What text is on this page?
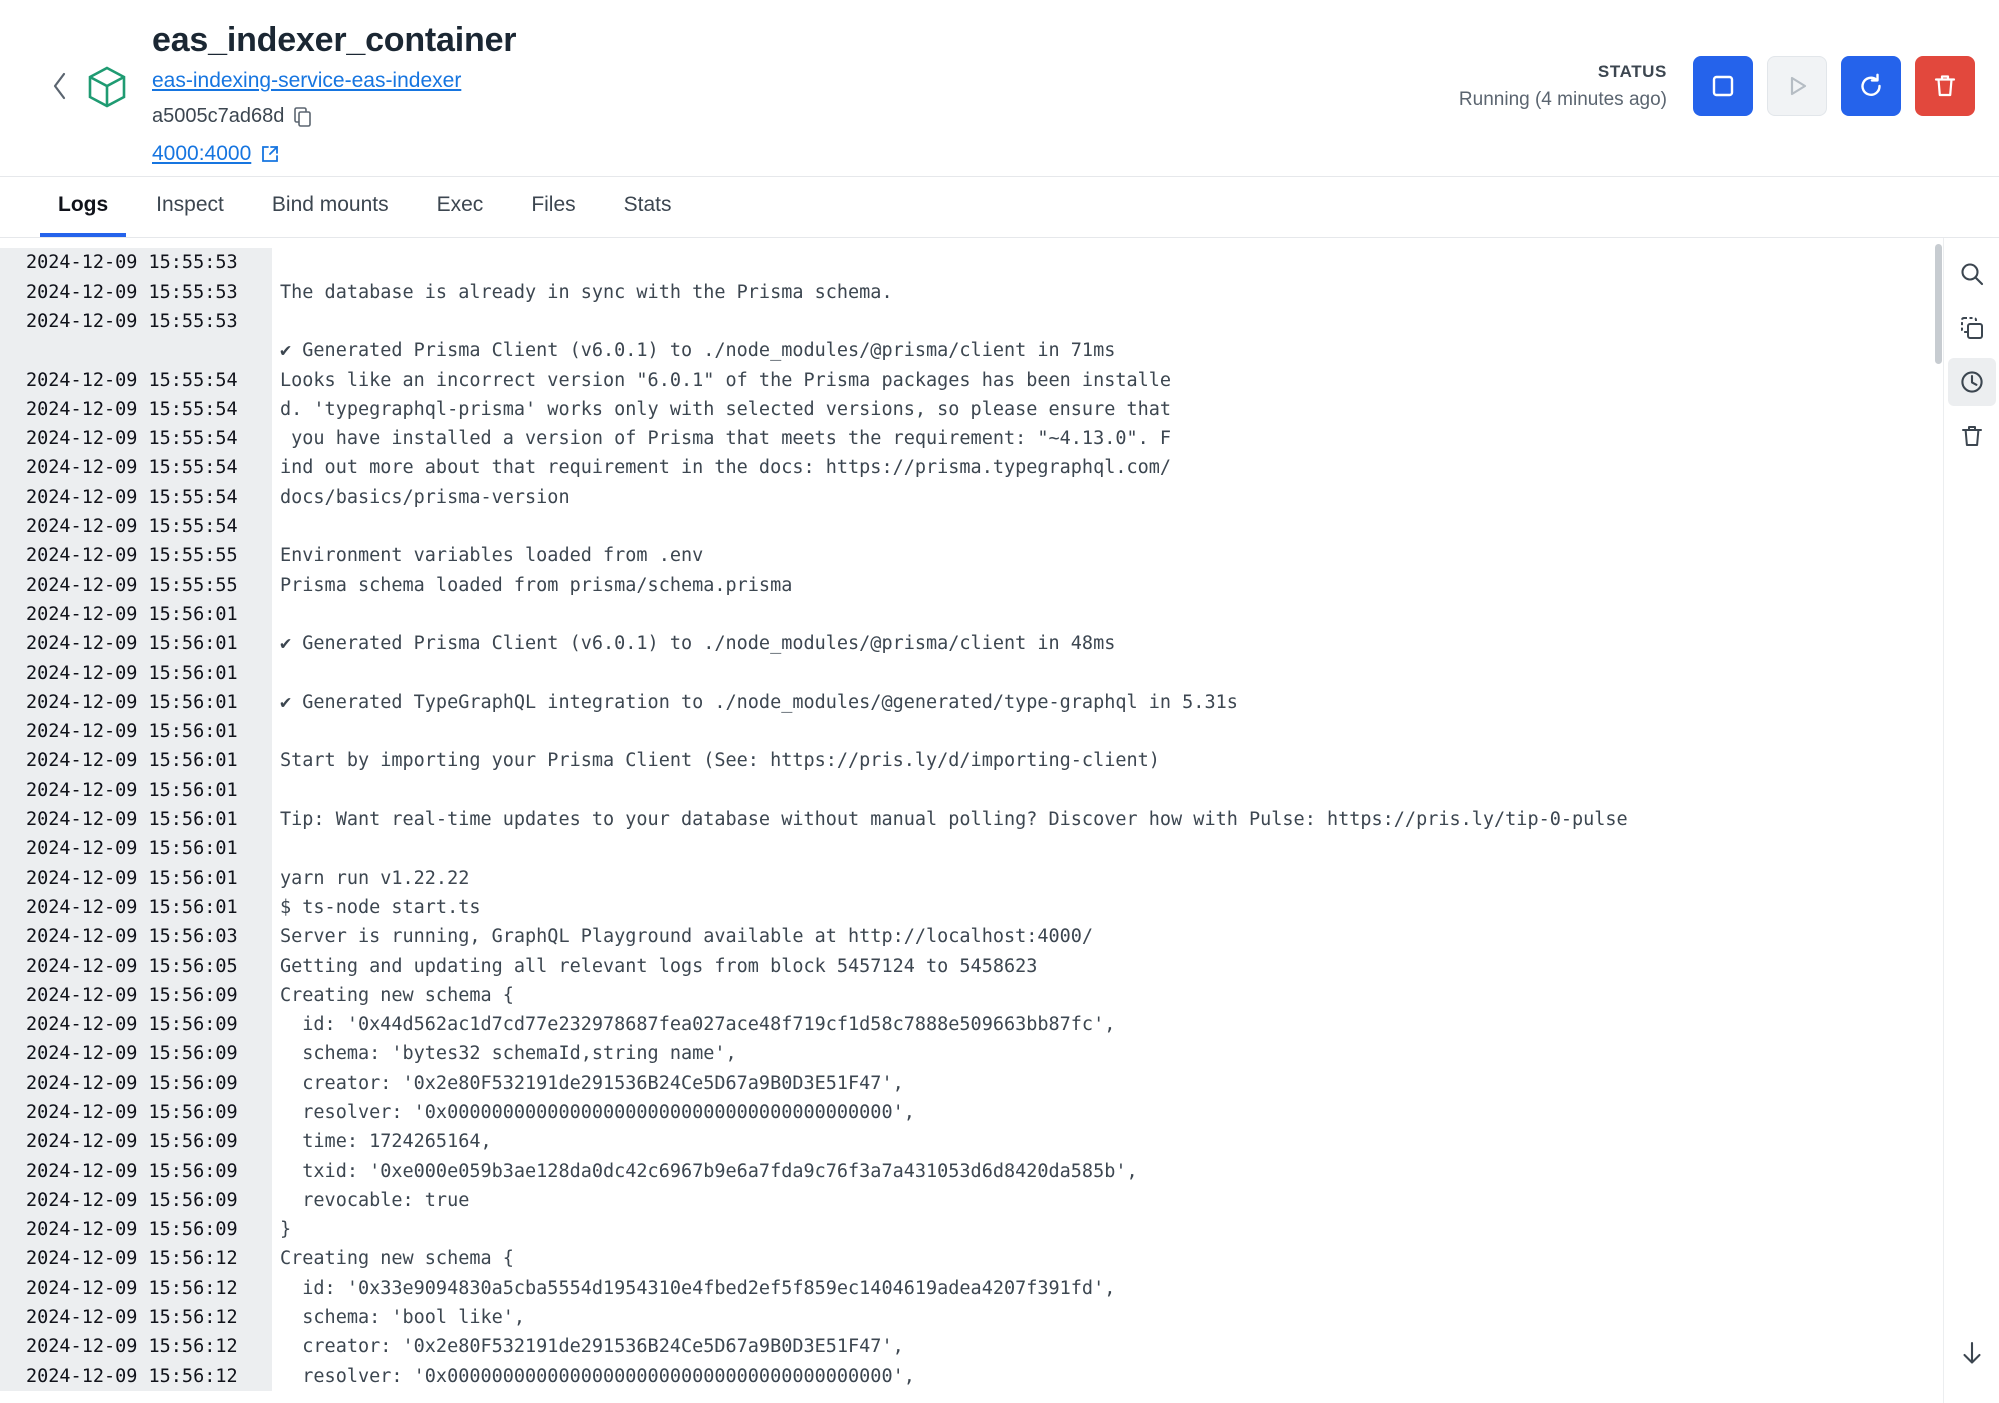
eas_indexer_container
eas-indexing-service-eas-indexer
a5005c7ad68d
4000:4000
STATUS
Running (4 minutes ago)
Logs	Inspect	Bind mounts	Exec	Files	Stats
2024-12-09 15:55:53
2024-12-09 15:55:53	The database is already in sync with the Prisma schema.
2024-12-09 15:55:53
✔ Generated Prisma Client (v6.0.1) to ./node_modules/@prisma/client in 71ms
2024-12-09 15:55:54	Looks like an incorrect version "6.0.1" of the Prisma packages has been installe
2024-12-09 15:55:54	d. 'typegraphql-prisma' works only with selected versions, so please ensure that
2024-12-09 15:55:54	you have installed a version of Prisma that meets the requirement: "~4.13.0". F
2024-12-09 15:55:54	ind out more about that requirement in the docs: https://prisma.typegraphql.com/
2024-12-09 15:55:54	docs/basics/prisma-version
2024-12-09 15:55:54
2024-12-09 15:55:55	Environment variables loaded from .env
2024-12-09 15:55:55	Prisma schema loaded from prisma/schema.prisma
2024-12-09 15:56:01
2024-12-09 15:56:01	✔ Generated Prisma Client (v6.0.1) to ./node_modules/@prisma/client in 48ms
2024-12-09 15:56:01
2024-12-09 15:56:01	✔ Generated TypeGraphQL integration to ./node_modules/@generated/type-graphql in 5.31s
2024-12-09 15:56:01
2024-12-09 15:56:01	Start by importing your Prisma Client (See: https://pris.ly/d/importing-client)
2024-12-09 15:56:01
2024-12-09 15:56:01	Tip: Want real-time updates to your database without manual polling? Discover how with Pulse: https://pris.ly/tip-0-pulse
2024-12-09 15:56:01
2024-12-09 15:56:01	yarn run v1.22.22
2024-12-09 15:56:01	$ ts-node start.ts
2024-12-09 15:56:03	Server is running, GraphQL Playground available at http://localhost:4000/
2024-12-09 15:56:05	Getting and updating all relevant logs from block 5457124 to 5458623
2024-12-09 15:56:09	Creating new schema {
2024-12-09 15:56:09	id: '0x44d562ac1d7cd77e232978687fea027ace48f719cf1d58c7888e509663bb87fc',
2024-12-09 15:56:09	schema: 'bytes32 schemaId,string name',
2024-12-09 15:56:09	creator: '0x2e80F532191de291536B24Ce5D67a9B0D3E51F47',
2024-12-09 15:56:09	resolver: '0x0000000000000000000000000000000000000000',
2024-12-09 15:56:09	time: 1724265164,
2024-12-09 15:56:09	txid: '0xe000e059b3ae128da0dc42c6967b9e6a7fda9c76f3a7a431053d6d8420da585b',
2024-12-09 15:56:09	revocable: true
2024-12-09 15:56:09	}
2024-12-09 15:56:12	Creating new schema {
2024-12-09 15:56:12	id: '0x33e9094830a5cba5554d1954310e4fbed2ef5f859ec1404619adea4207f391fd',
2024-12-09 15:56:12	schema: 'bool like',
2024-12-09 15:56:12	creator: '0x2e80F532191de291536B24Ce5D67a9B0D3E51F47',
2024-12-09 15:56:12	resolver: '0x0000000000000000000000000000000000000000',
